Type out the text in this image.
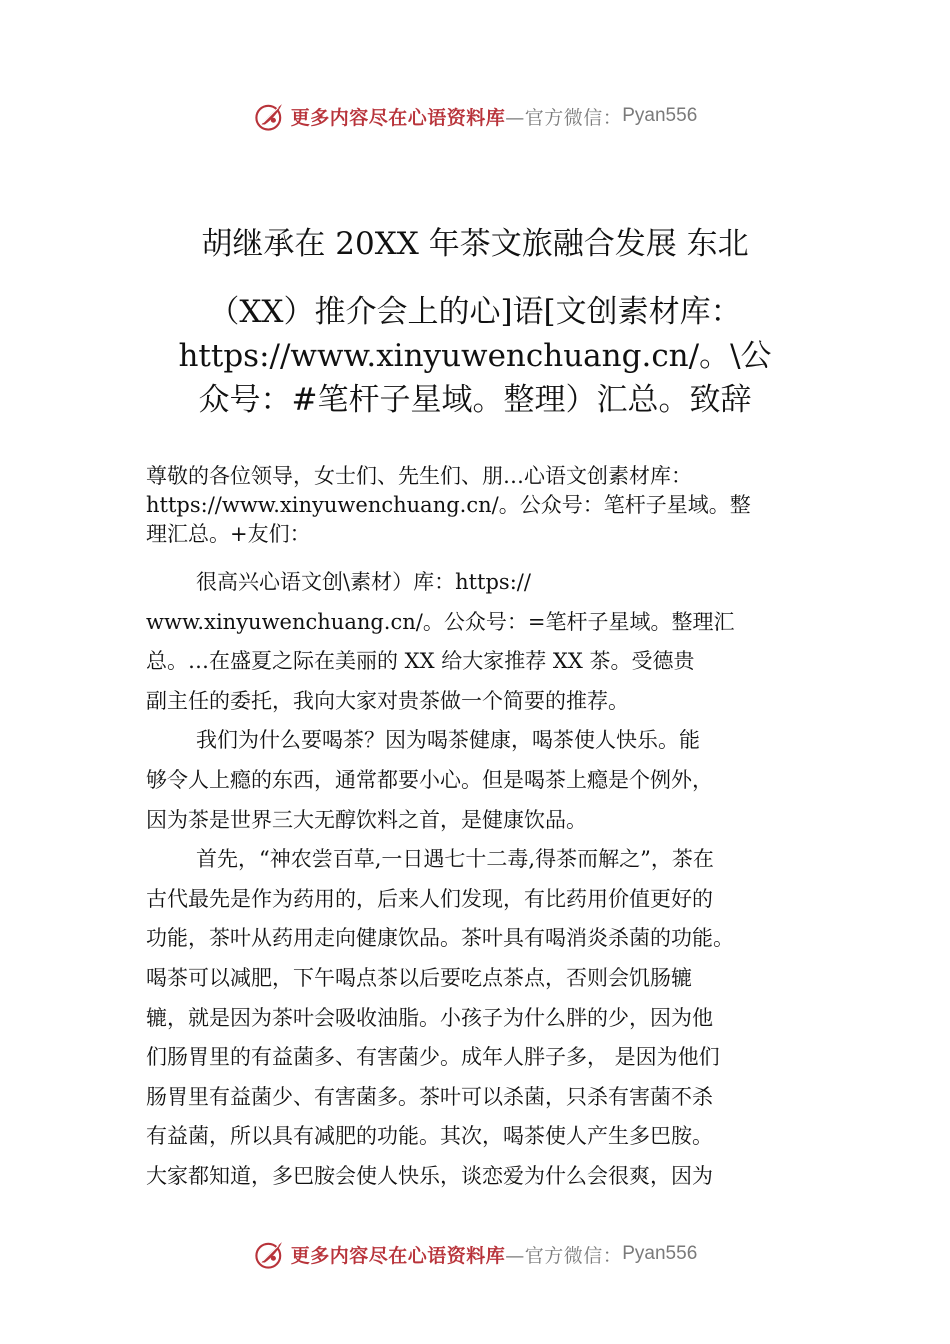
更多内容尽在心语资料库 —官方微信： Pyan556
胡继承在 20XX 年茶文旅融合发展 东北
（XX）推介会上的心]语[文创素材库：
https://www.xinyuwenchuang.cn/。\公
众号：#笔杆子星域。整理）汇总。致辞

尊敬的各位领导，女士们、先生们、朋…心语文创素材库：
https://www.xinyuwenchuang.cn/。公众号：笔杆子星域。整
理汇总。+友们：

很高兴心语文创\素材）库：https://
www.xinyuwenchuang.cn/。公众号：=笔杆子星域。整理汇
总。…在盛夏之际在美丽的 XX 给大家推荐 XX 茶。受德贵
副主任的委托，我向大家对贵茶做一个简要的推荐。

我们为什么要喝茶？因为喝茶健康，喝茶使人快乐。能
够令人上瘾的东西，通常都要小心。但是喝茶上瘾是个例外，
因为茶是世界三大无醇饮料之首，是健康饮品。

首先，“神农尝百草,一日遇七十二毒,得茶而解之”，茶在
古代最先是作为药用的，后来人们发现，有比药用价值更好的
功能，茶叶从药用走向健康饮品。茶叶具有喝消炎杀菌的功能。
喝茶可以减肥，下午喝点茶以后要吃点茶点，否则会饥肠辘
辘，就是因为茶叶会吸收油脂。小孩子为什么胖的少，因为他
们肠胃里的有益菌多、有害菌少。成年人胖子多， 是因为他们
肠胃里有益菌少、有害菌多。茶叶可以杀菌，只杀有害菌不杀
有益菌，所以具有减肥的功能。其次，喝茶使人产生多巴胺。
大家都知道，多巴胺会使人快乐，谈恋爱为什么会很爽，因为

更多内容尽在心语资料库 —官方微信： Pyan556
